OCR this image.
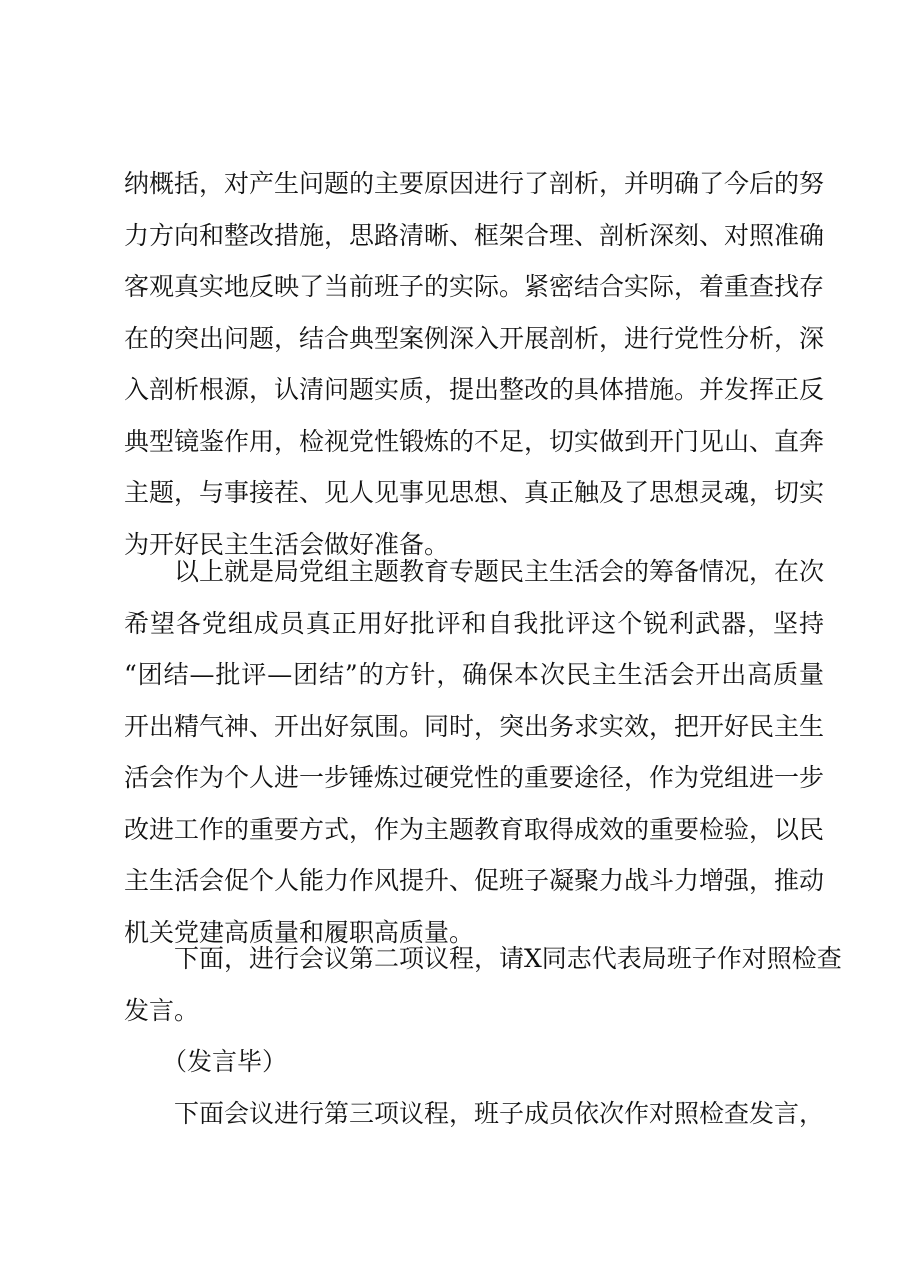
纳概括，对产生问题的主要原因进行了剖析，并明确了今后的努
力方向和整改措施，思路清晰、框架合理、剖析深刻、对照准确
客观真实地反映了当前班子的实际。紧密结合实际，着重查找存
在的突出问题，结合典型案例深入开展剖析，进行党性分析，深
入剖析根源，认清问题实质，提出整改的具体措施。并发挥正反
典型镜鉴作用，检视党性锻炼的不足，切实做到开门见山、直奔
主题，与事接茬、见人见事见思想、真正触及了思想灵魂，切实
为开好民主生活会做好准备。
以上就是局党组主题教育专题民主生活会的筹备情况，在次
希望各党组成员真正用好批评和自我批评这个锐利武器，坚持
“团结—批评—团结”的方针，确保本次民主生活会开出高质量
开出精气神、开出好氛围。同时，突出务求实效，把开好民主生
活会作为个人进一步锤炼过硬党性的重要途径，作为党组进一步
改进工作的重要方式，作为主题教育取得成效的重要检验，以民
主生活会促个人能力作风提升、促班子凝聚力战斗力增强，推动
机关党建高质量和履职高质量。
下面，进行会议第二项议程，请X同志代表局班子作对照检查
发言。
（发言毕）
下面会议进行第三项议程，班子成员依次作对照检查发言，
